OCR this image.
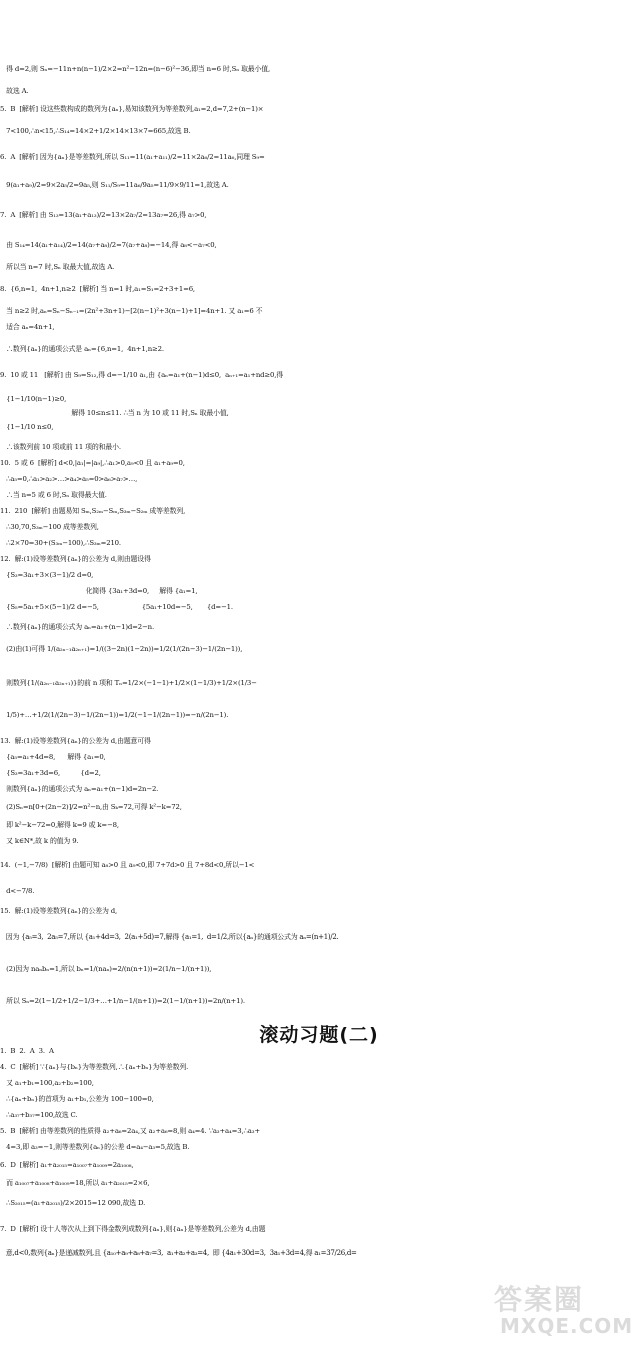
得 d=2,则 Sₙ=−11n+n(n−1)/2×2=n²−12n=(n−6)²−36,即当 n=6 时,Sₙ 取最小值,
故选 A.
5.  B  [解析] 设这些数构成的数列为{aₙ},易知该数列为等差数列,a₁=2,d=7,2+(n−1)×
7<100,∴n<15,∴S₁₄=14×2+1/2×14×13×7=665,故选 B.
6.  A  [解析] 因为{aₙ}是等差数列,所以 S₁₁=11(a₁+a₁₁)/2=11×2a₆/2=11a₆,同理 S₉=
9(a₁+a₉)/2=9×2a₅/2=9a₅,则 S₁₁/S₉=11a₆/9a₅=11/9×9/11=1,故选 A.
7.  A  [解析] 由 S₁₃=13(a₁+a₁₃)/2=13×2a₇/2=13a₇=26,得 a₇>0,
由 S₁₄=14(a₁+a₁₄)/2=14(a₇+a₈)/2=7(a₇+a₈)=−14,得 a₈<−a₇<0,
所以当 n=7 时,Sₙ 取最大值,故选 A.
8.  {6,n=1,  4n+1,n≥2  [解析] 当 n=1 时,a₁=S₁=2+3+1=6,
当 n≥2 时,aₙ=Sₙ−Sₙ₋₁=(2n²+3n+1)−[2(n−1)²+3(n−1)+1]=4n+1. 又 a₁=6 不
适合 aₙ=4n+1,
∴数列{aₙ}的通项公式是 aₙ={6,n=1,  4n+1,n≥2.
9.  10 或 11   [解析] 由 S₉=S₁₂,得 d=−1/10 a₁,由 {aₙ=a₁+(n−1)d≤0,  aₙ₊₁=a₁+nd≥0,得
{1−1/10(n−1)≥0,
解得 10≤n≤11. ∴当 n 为 10 或 11 时,Sₙ 取最小值,
{1−1/10 n≤0,
∴该数列前 10 项或前 11 项的和最小.
10.  5 或 6  [解析] d<0,|a₁|=|a₉|,∴a₁>0,a₉<0 且 a₁+a₉=0,
∴a₅=0,∴a₁>a₂>…>a₄>a₅=0>a₆>a₇>…,
∴当 n=5 或 6 时,Sₙ 取得最大值.
11.  210  [解析] 由题易知 Sₘ,S₂ₘ−Sₘ,S₃ₘ−S₂ₘ 成等差数列,
∴30,70,S₃ₘ−100 成等差数列,
∴2×70=30+(S₃ₘ−100),∴S₃ₘ=210.
12.  解:(1)设等差数列{aₙ}的公差为 d,则由题设得
{S₃=3a₁+3×(3−1)/2 d=0,
化简得 {3a₁+3d=0,     解得 {a₁=1,
{S₅=5a₁+5×(5−1)/2 d=−5,                     {5a₁+10d=−5,       {d=−1.
∴数列{aₙ}的通项公式为 aₙ=a₁+(n−1)d=2−n.
(2)由(1)可得 1/(a₂ₙ₋₁a₂ₙ₊₁)=1/((3−2n)(1−2n))=1/2(1/(2n−3)−1/(2n−1)),
则数列{1/(a₂ₙ₋₁a₂ₙ₊₁)}的前 n 项和 Tₙ=1/2×(−1−1)+1/2×(1−1/3)+1/2×(1/3−
1/5)+…+1/2(1/(2n−3)−1/(2n−1))=1/2(−1−1/(2n−1))=−n/(2n−1).
13.  解:(1)设等差数列{aₙ}的公差为 d,由题意可得
{a₅=a₁+4d=8,      解得 {a₁=0,
{S₃=3a₁+3d=6,          {d=2,
则数列{aₙ}的通项公式为 aₙ=a₁+(n−1)d=2n−2.
(2)Sₙ=n[0+(2n−2)]/2=n²−n,由 Sₖ=72,可得 k²−k=72,
即 k²−k−72=0,解得 k=9 或 k=−8,
又 k∈N*,故 k 的值为 9.
14.  (−1,−7/8)  [解析] 由题可知 a₈>0 且 a₉<0,即 7+7d>0 且 7+8d<0,所以−1<
d<−7/8.
15.  解:(1)设等差数列{aₙ}的公差为 d,
因为 {a₅=3,  2a₅=7,所以 {a₁+4d=3,  2(a₁+5d)=7,解得 {a₁=1,  d=1/2,所以{aₙ}的通项公式为 aₙ=(n+1)/2.
(2)因为 naₙbₙ=1,所以 bₙ=1/(naₙ)=2/(n(n+1))=2(1/n−1/(n+1)),
所以 Sₙ=2(1−1/2+1/2−1/3+…+1/n−1/(n+1))=2(1−1/(n+1))=2n/(n+1).
滚动习题(二)
1.  B  2.  A  3.  A
4.  C  [解析] ∵{aₙ}与{bₙ}为等差数列,∴{aₙ+bₙ}为等差数列.
又 a₁+b₁=100,a₂+b₂=100,
∴{aₙ+bₙ}的首项为 a₁+b₁,公差为 100−100=0,
∴a₃₇+b₃₇=100,故选 C.
5.  B  [解析] 由等差数列的性质得 a₂+a₆=2a₄,又 a₂+a₆=8,则 a₄=4. ∵a₃+a₄=3,∴a₃+
4=3,即 a₃=−1,则等差数列{aₙ}的公差 d=a₄−a₃=5,故选 B.
6.  D  [解析] a₁+a₂₀₁₅=a₁₀₀₇+a₁₀₀₉=2a₁₀₀₈,
而 a₁₀₀₇+a₁₀₀₈+a₁₀₀₉=18,所以 a₁+a₂₀₁₅=2×6,
∴S₂₀₁₅=(a₁+a₂₀₁₅)/2×2015=12 090,故选 D.
7.  D  [解析] 设十人等次从上到下得金数列成数列{aₙ},则{aₙ}是等差数列,公差为 d,由题
意,d<0,数列{aₙ}是递减数列,且 {a₁₀+a₉+a₈+a₇=3,  a₁+a₂+a₃=4,  即 {4a₁+30d=3,  3a₁+3d=4,得 a₁=37/26,d=
答案圈
MXQE.COM
